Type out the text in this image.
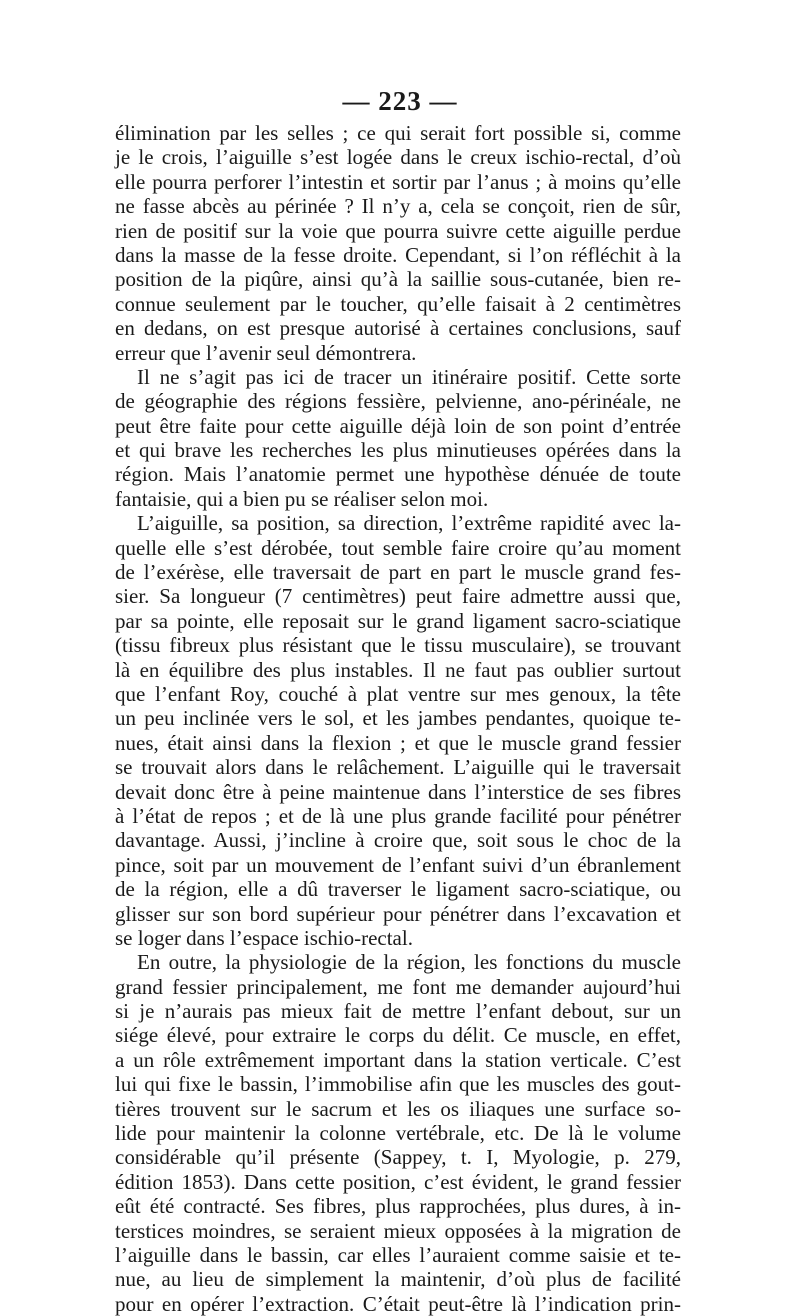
— 223 —
élimination par les selles ; ce qui serait fort possible si, comme
je le crois, l’aiguille s’est logée dans le creux ischio-rectal, d’où
elle pourra perforer l’intestin et sortir par l’anus ; à moins qu’elle
ne fasse abcès au périnée ? Il n’y a, cela se conçoit, rien de sûr,
rien de positif sur la voie que pourra suivre cette aiguille perdue
dans la masse de la fesse droite. Cependant, si l’on réfléchit à la
position de la piqûre, ainsi qu’à la saillie sous-cutanée, bien re-
connue seulement par le toucher, qu’elle faisait à 2 centimètres
en dedans, on est presque autorisé à certaines conclusions, sauf
erreur que l’avenir seul démontrera.
Il ne s’agit pas ici de tracer un itinéraire positif. Cette sorte
de géographie des régions fessière, pelvienne, ano-périnéale, ne
peut être faite pour cette aiguille déjà loin de son point d’entrée
et qui brave les recherches les plus minutieuses opérées dans la
région. Mais l’anatomie permet une hypothèse dénuée de toute
fantaisie, qui a bien pu se réaliser selon moi.
L’aiguille, sa position, sa direction, l’extrême rapidité avec la-
quelle elle s’est dérobée, tout semble faire croire qu’au moment
de l’exérèse, elle traversait de part en part le muscle grand fes-
sier. Sa longueur (7 centimètres) peut faire admettre aussi que,
par sa pointe, elle reposait sur le grand ligament sacro-sciatique
(tissu fibreux plus résistant que le tissu musculaire), se trouvant
là en équilibre des plus instables. Il ne faut pas oublier surtout
que l’enfant Roy, couché à plat ventre sur mes genoux, la tête
un peu inclinée vers le sol, et les jambes pendantes, quoique te-
nues, était ainsi dans la flexion ; et que le muscle grand fessier
se trouvait alors dans le relâchement. L’aiguille qui le traversait
devait donc être à peine maintenue dans l’interstice de ses fibres
à l’état de repos ; et de là une plus grande facilité pour pénétrer
davantage. Aussi, j’incline à croire que, soit sous le choc de la
pince, soit par un mouvement de l’enfant suivi d’un ébranlement
de la région, elle a dû traverser le ligament sacro-sciatique, ou
glisser sur son bord supérieur pour pénétrer dans l’excavation et
se loger dans l’espace ischio-rectal.
En outre, la physiologie de la région, les fonctions du muscle
grand fessier principalement, me font me demander aujourd’hui
si je n’aurais pas mieux fait de mettre l’enfant debout, sur un
siége élevé, pour extraire le corps du délit. Ce muscle, en effet,
a un rôle extrêmement important dans la station verticale. C’est
lui qui fixe le bassin, l’immobilise afin que les muscles des gout-
tières trouvent sur le sacrum et les os iliaques une surface so-
lide pour maintenir la colonne vertébrale, etc. De là le volume
considérable qu’il présente (Sappey, t. I, Myologie, p. 279,
édition 1853). Dans cette position, c’est évident, le grand fessier
eût été contracté. Ses fibres, plus rapprochées, plus dures, à in-
terstices moindres, se seraient mieux opposées à la migration de
l’aiguille dans le bassin, car elles l’auraient comme saisie et te-
nue, au lieu de simplement la maintenir, d’où plus de facilité
pour en opérer l’extraction. C’était peut-être là l’indication prin-
